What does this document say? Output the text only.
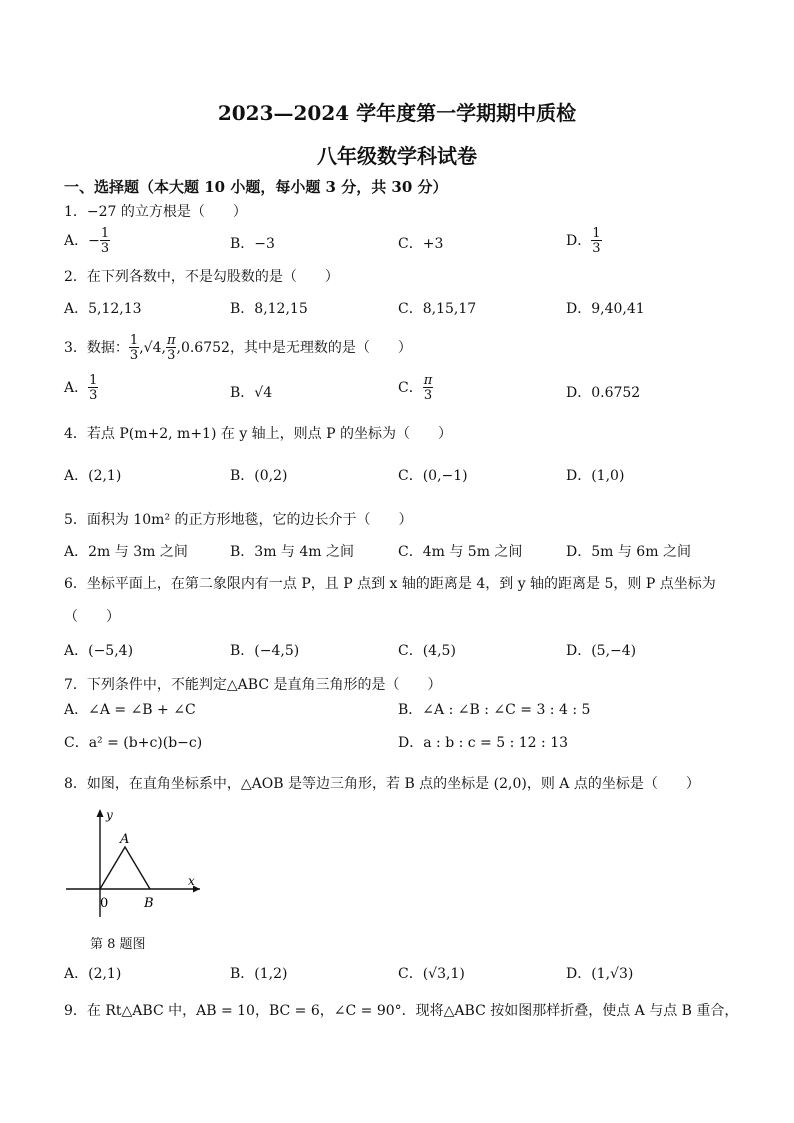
2023—2024 学年度第一学期期中质检
八年级数学科试卷
一、选择题（本大题 10 小题，每小题 3 分，共 30 分）
1．−27 的立方根是（　　）
A．− $\frac{1}{3}$	B．−3	C．+3	D． $\frac{1}{3}$
2．在下列各数中，不是勾股数的是（　　）
A．5,12,13	B．8,12,15	C．8,15,17	D．9,40,41
3．数据： $\frac{1}{3} ,√4$, $\frac{\pi}{3}$ ,0.6752̇，其中是无理数的是（　　）
A． $\frac{1}{3}$	B．√4	C． $\frac{\pi}{3}$	D．0.6752̇
4．若点 P(m+2, m+1) 在 y 轴上，则点 P 的坐标为（　　）
A．(2,1)	B．(0,2)	C．(0,−1)	D．(1,0)
5．面积为 10m² 的正方形地毯，它的边长介于（　　）
A．2m 与 3m 之间	B．3m 与 4m 之间	C．4m 与 5m 之间	D．5m 与 6m 之间
6．坐标平面上，在第二象限内有一点 P，且 P 点到 x 轴的距离是 4，到 y 轴的距离是 5，则 P 点坐标为
（　　）
A．(−5,4)	B．(−4,5)	C．(4,5)	D．(5,−4)
7．下列条件中，不能判定△ABC 是直角三角形的是（　　）
A．∠A = ∠B + ∠C	B．∠A : ∠B : ∠C = 3 : 4 : 5
C．a² = (b+c)(b−c)	D．a : b : c = 5 : 12 : 13
8．如图，在直角坐标系中，△AOB 是等边三角形，若 B 点的坐标是 (2,0)，则 A 点的坐标是（　　）
y
x
A
0	B
第 8 题图
A．(2,1)	B．(1,2)	C．(√3,1)	D．(1,√3)
9．在 Rt△ABC 中，AB = 10，BC = 6，∠C = 90°．现将△ABC 按如图那样折叠，使点 A 与点 B 重合，
